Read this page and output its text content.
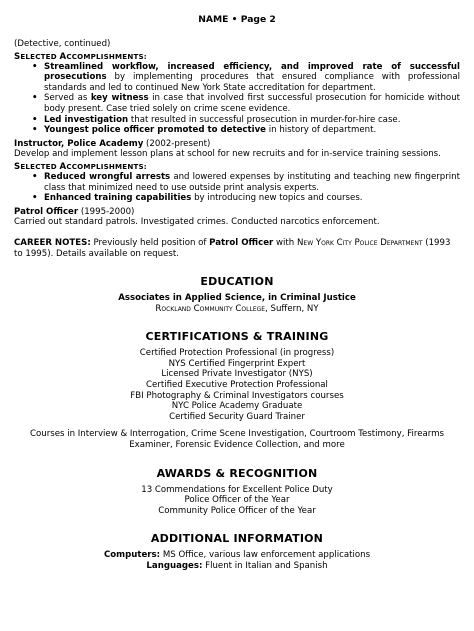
NAME • Page 2

(Detective, continued)

SELECTED ACCOMPLISHMENTS:

• Streamlined workflow, increased efficiency, and improved rate of successful prosecutions by implementing procedures that ensured compliance with professional standards and led to continued New York State accreditation for department.
• Served as key witness in case that involved first successful prosecution for homicide without body present. Case tried solely on crime scene evidence.
• Led investigation that resulted in successful prosecution in murder-for-hire case.
• Youngest police officer promoted to detective in history of department.

Instructor, Police Academy (2002-present)

Develop and implement lesson plans at school for new recruits and for in-service training sessions.

SELECTED ACCOMPLISHMENTS:

• Reduced wrongful arrests and lowered expenses by instituting and teaching new fingerprint class that minimized need to use outside print analysis experts.
• Enhanced training capabilities by introducing new topics and courses.

Patrol Officer (1995-2000)

Carried out standard patrols. Investigated crimes. Conducted narcotics enforcement.

CAREER NOTES: Previously held position of Patrol Officer with New York City Police Department (1993 to 1995). Details available on request.

EDUCATION

Associates in Applied Science, in Criminal Justice

Rockland Community College, Suffern, NY

CERTIFICATIONS & TRAINING

Certified Protection Professional (in progress)

NYS Certified Fingerprint Expert

Licensed Private Investigator (NYS)

Certified Executive Protection Professional

FBI Photography & Criminal Investigators courses

NYC Police Academy Graduate

Certified Security Guard Trainer

Courses in Interview & Interrogation, Crime Scene Investigation, Courtroom Testimony, Firearms Examiner, Forensic Evidence Collection, and more

AWARDS & RECOGNITION

13 Commendations for Excellent Police Duty

Police Officer of the Year

Community Police Officer of the Year

ADDITIONAL INFORMATION

Computers: MS Office, various law enforcement applications

Languages: Fluent in Italian and Spanish
